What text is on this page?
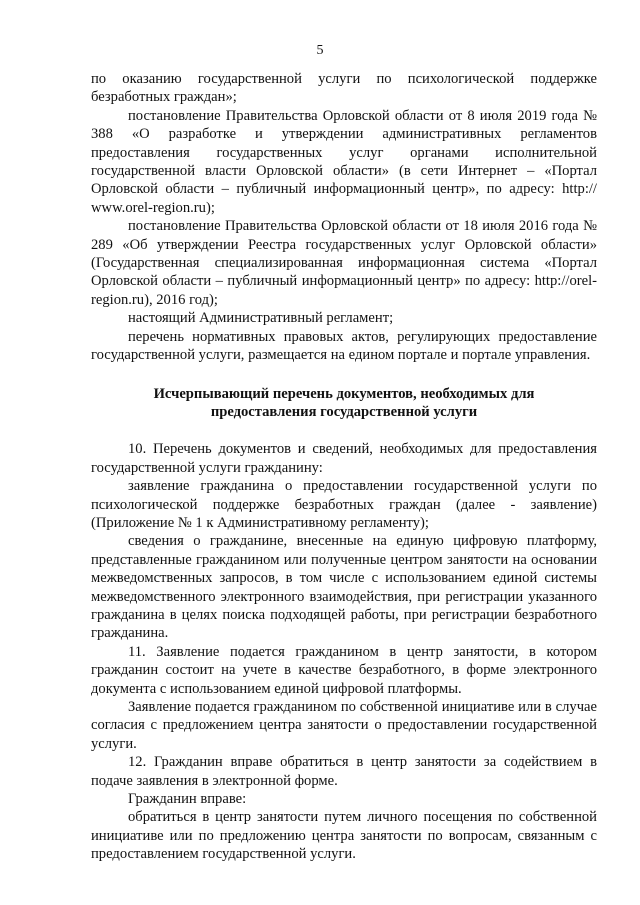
5

по оказанию государственной услуги по психологической поддержке безработных граждан»;

постановление Правительства Орловской области от 8 июля 2019 года № 388 «О разработке и утверждении административных регламентов предоставления государственных услуг органами исполнительной государственной власти Орловской области» (в сети Интернет – «Портал Орловской области – публичный информационный центр», по адресу: http:// www.orel-region.ru);

постановление Правительства Орловской области от 18 июля 2016 года № 289 «Об утверждении Реестра государственных услуг Орловской области» (Государственная специализированная информационная система «Портал Орловской области – публичный информационный центр» по адресу: http://orel-region.ru), 2016 год);

настоящий Административный регламент;

перечень нормативных правовых актов, регулирующих предоставление государственной услуги, размещается на едином портале и портале управления.

Исчерпывающий перечень документов, необходимых для предоставления государственной услуги

10. Перечень документов и сведений, необходимых для предоставления государственной услуги гражданину:

заявление гражданина о предоставлении государственной услуги по психологической поддержке безработных граждан (далее - заявление) (Приложение № 1 к Административному регламенту);

сведения о гражданине, внесенные на единую цифровую платформу, представленные гражданином или полученные центром занятости на основании межведомственных запросов, в том числе с использованием единой системы межведомственного электронного взаимодействия, при регистрации указанного гражданина в целях поиска подходящей работы, при регистрации безработного гражданина.

11. Заявление подается гражданином в центр занятости, в котором гражданин состоит на учете в качестве безработного, в форме электронного документа с использованием единой цифровой платформы.

Заявление подается гражданином по собственной инициативе или в случае согласия с предложением центра занятости о предоставлении государственной услуги.

12. Гражданин вправе обратиться в центр занятости за содействием в подаче заявления в электронной форме.

Гражданин вправе:

обратиться в центр занятости путем личного посещения по собственной инициативе или по предложению центра занятости по вопросам, связанным с предоставлением государственной услуги.
